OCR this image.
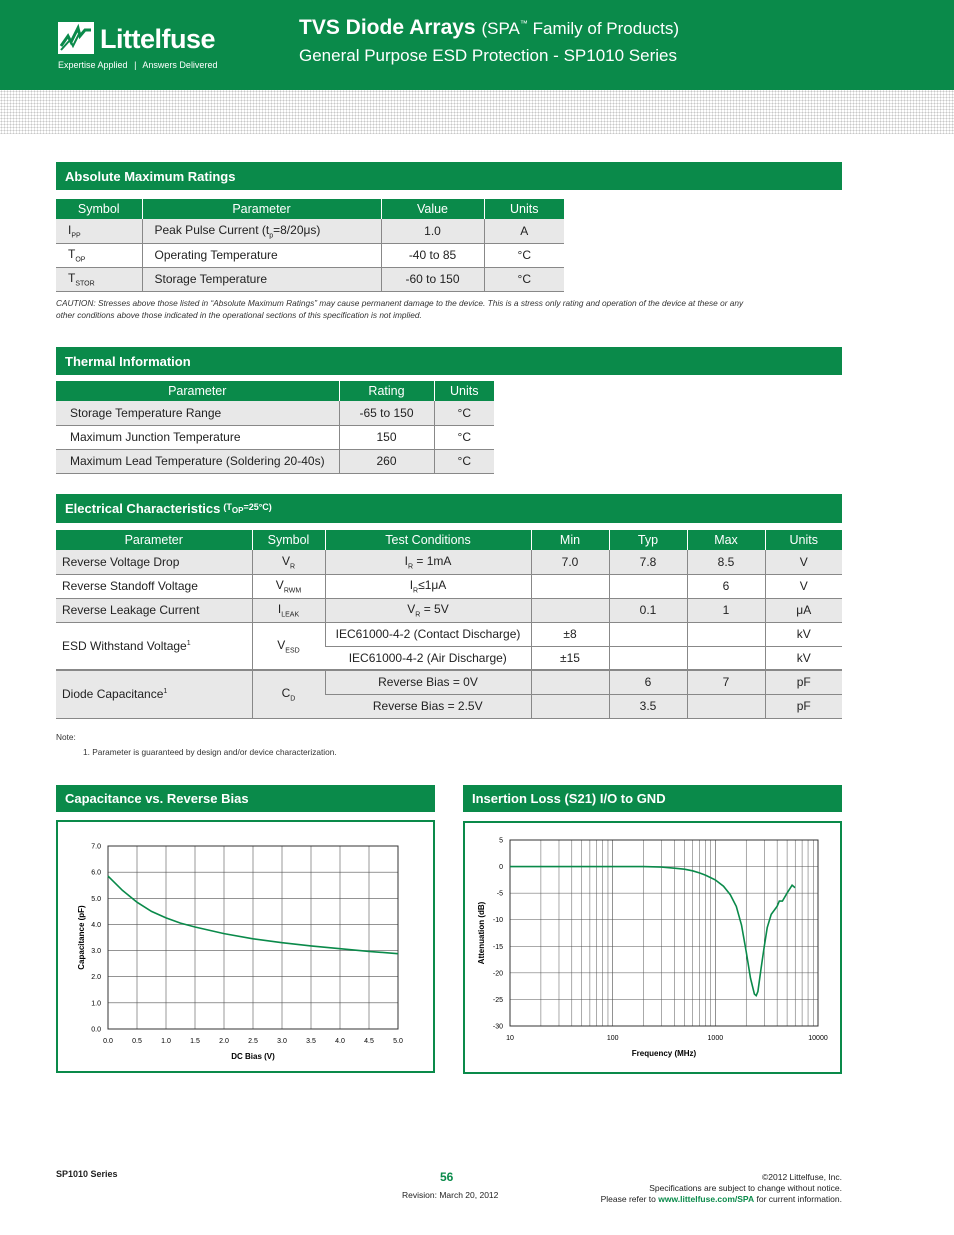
Littelfuse
Expertise Applied | Answers Delivered
TVS Diode Arrays (SPA™ Family of Products)
General Purpose ESD Protection - SP1010 Series
Absolute Maximum Ratings
Symbol	Parameter	Value	Units
$I_{PP}$	Peak Pulse Current $(t_p=8/20\mu s)$	1.0	A
$T_{OP}$	Operating Temperature	-40 to 85	°C
$T_{STOR}$	Storage Temperature	-60 to 150	°C
CAUTION: Stresses above those listed in “Absolute Maximum Ratings” may cause permanent damage to the device. This is a stress only rating and operation of the device at these or any other conditions above those indicated in the operational sections of this specification is not implied.
Thermal Information
Parameter	Rating	Units
Storage Temperature Range	-65 to 150	°C
Maximum Junction Temperature	150	°C
Maximum Lead Temperature (Soldering 20-40s)	260	°C
Electrical Characteristics $(T_{OP}=25^\circ C)$
Parameter	Symbol	Test Conditions	Min	Typ	Max	Units
Reverse Voltage Drop	$V_R$	$I_R = 1mA$	7.0	7.8	8.5	V
Reverse Standoff Voltage	$V_{RWM}$	$I_R\le 1\mu A$			6	V
Reverse Leakage Current	$I_{LEAK}$	$V_R = 5V$		0.1	1	μA
ESD Withstand Voltage$^1$	$V_{ESD}$	IEC61000-4-2 (Contact Discharge)	±8			kV
		IEC61000-4-2 (Air Discharge)	±15			kV
Diode Capacitance$^1$	$C_D$	Reverse Bias = 0V		6	7	pF
		Reverse Bias = 2.5V		3.5		pF
Note:
1. Parameter is guaranteed by design and/or device characterization.
Capacitance vs. Reverse Bias
0.0	0.5	1.0	1.5	2.0	2.5	3.0	3.5	4.0	4.5	5.0
0.0
1.0
2.0
3.0
4.0
5.0
6.0
7.0
DC Bias (V)
Capacitance (pF)
Insertion Loss (S21) I/O to GND
10	100	1000	10000
5
0
-5
-10
-15
-20
-25
-30
Frequency (MHz)
Attenuation (dB)
SP1010 Series	56
Revision: March 20, 2012
©2012 Littelfuse, Inc.
Specifications are subject to change without notice.
Please refer to www.littelfuse.com/SPA for current information.
